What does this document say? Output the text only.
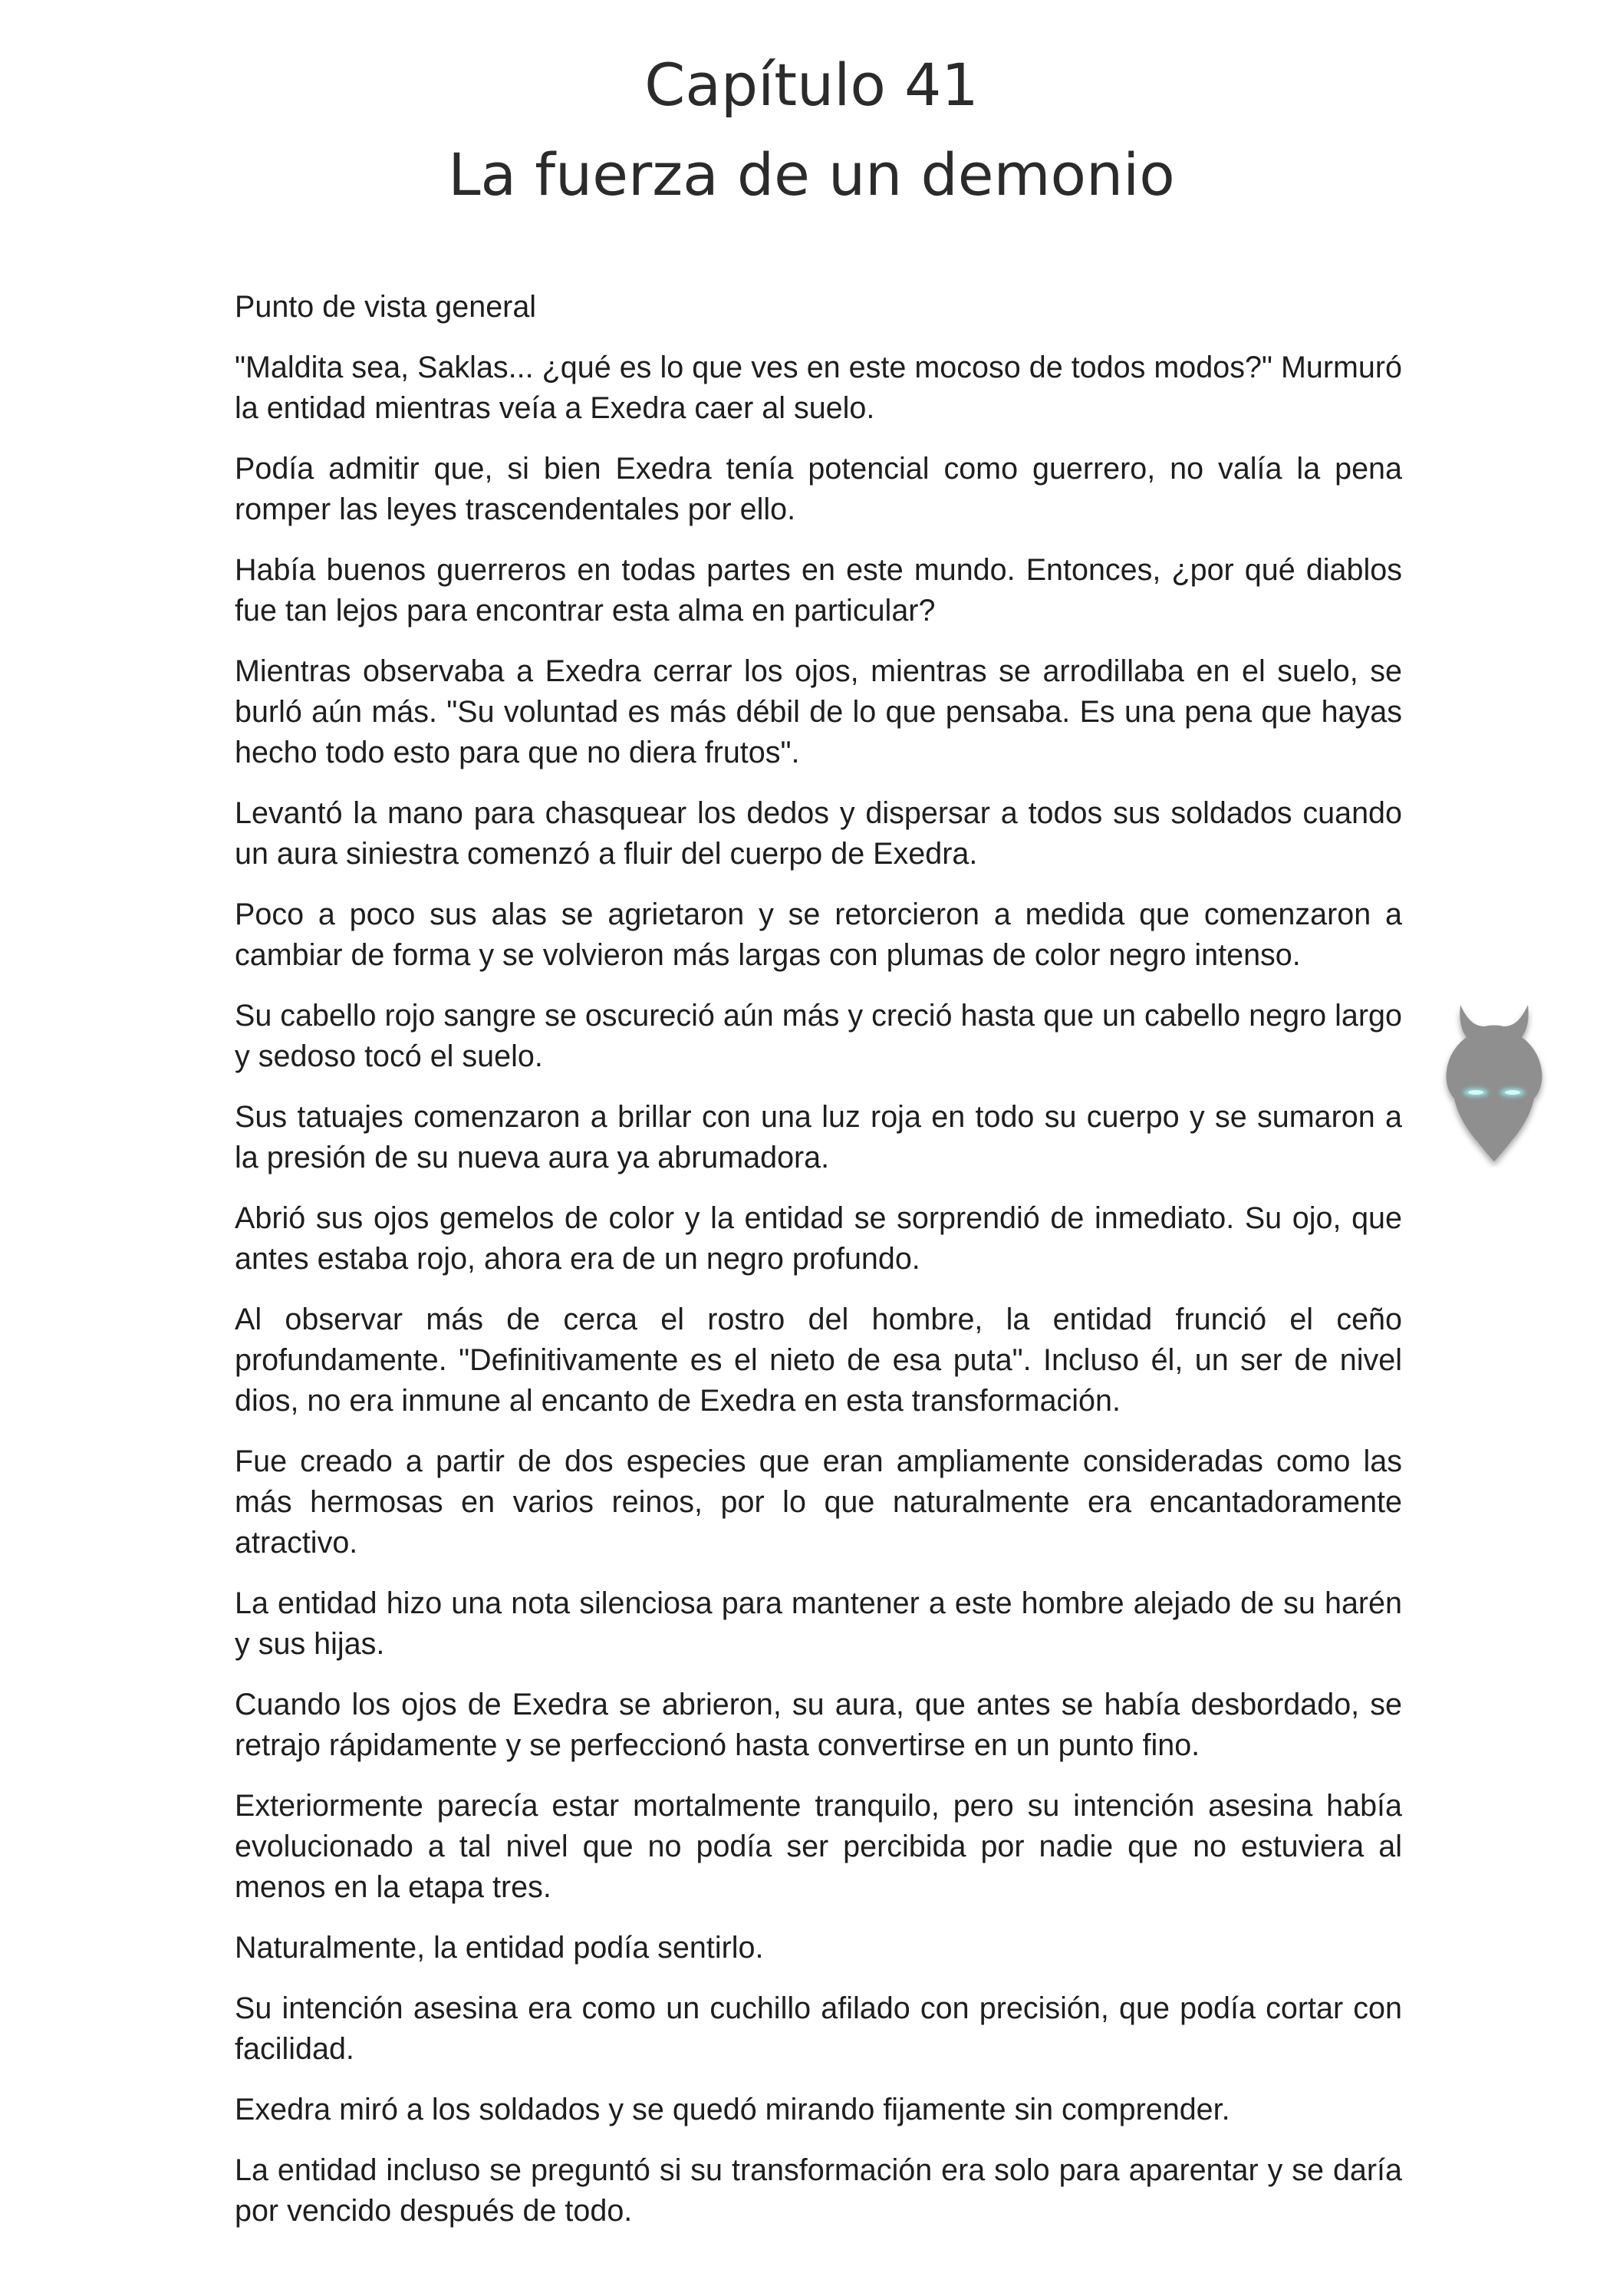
Capítulo 41
La fuerza de un demonio

Punto de vista general

"Maldita sea, Saklas... ¿qué es lo que ves en este mocoso de todos modos?" Murmuró la entidad mientras veía a Exedra caer al suelo.

Podía admitir que, si bien Exedra tenía potencial como guerrero, no valía la pena romper las leyes trascendentales por ello.

Había buenos guerreros en todas partes en este mundo. Entonces, ¿por qué diablos fue tan lejos para encontrar esta alma en particular?

Mientras observaba a Exedra cerrar los ojos, mientras se arrodillaba en el suelo, se burló aún más. "Su voluntad es más débil de lo que pensaba. Es una pena que hayas hecho todo esto para que no diera frutos".

Levantó la mano para chasquear los dedos y dispersar a todos sus soldados cuando un aura siniestra comenzó a fluir del cuerpo de Exedra.

Poco a poco sus alas se agrietaron y se retorcieron a medida que comenzaron a cambiar de forma y se volvieron más largas con plumas de color negro intenso.

Su cabello rojo sangre se oscureció aún más y creció hasta que un cabello negro largo y sedoso tocó el suelo.

Sus tatuajes comenzaron a brillar con una luz roja en todo su cuerpo y se sumaron a la presión de su nueva aura ya abrumadora.

Abrió sus ojos gemelos de color y la entidad se sorprendió de inmediato. Su ojo, que antes estaba rojo, ahora era de un negro profundo.

Al observar más de cerca el rostro del hombre, la entidad frunció el ceño profundamente. "Definitivamente es el nieto de esa puta". Incluso él, un ser de nivel dios, no era inmune al encanto de Exedra en esta transformación.

Fue creado a partir de dos especies que eran ampliamente consideradas como las más hermosas en varios reinos, por lo que naturalmente era encantadoramente atractivo.

La entidad hizo una nota silenciosa para mantener a este hombre alejado de su harén y sus hijas.

Cuando los ojos de Exedra se abrieron, su aura, que antes se había desbordado, se retrajo rápidamente y se perfeccionó hasta convertirse en un punto fino.

Exteriormente parecía estar mortalmente tranquilo, pero su intención asesina había evolucionado a tal nivel que no podía ser percibida por nadie que no estuviera al menos en la etapa tres.

Naturalmente, la entidad podía sentirlo.

Su intención asesina era como un cuchillo afilado con precisión, que podía cortar con facilidad.

Exedra miró a los soldados y se quedó mirando fijamente sin comprender.

La entidad incluso se preguntó si su transformación era solo para aparentar y se daría por vencido después de todo.
